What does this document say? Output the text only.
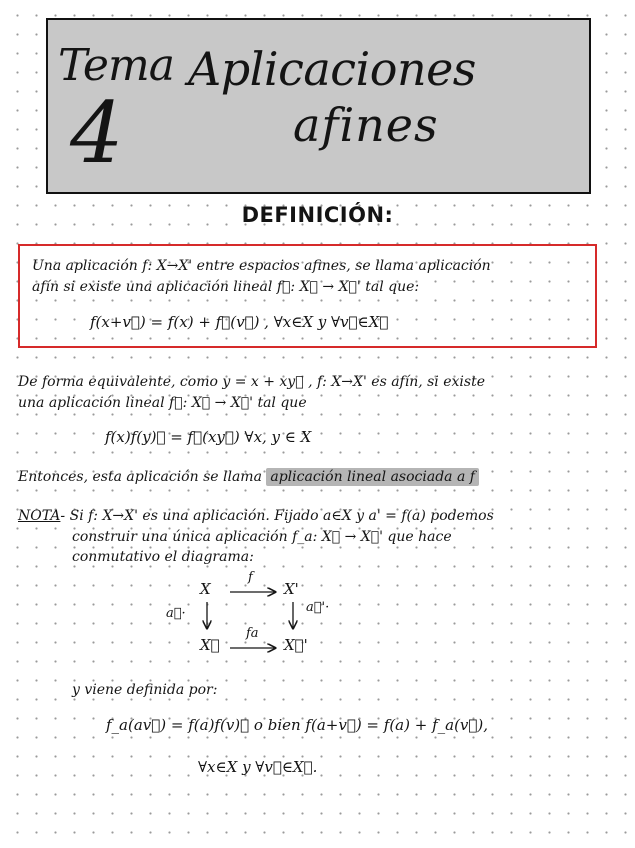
Tema
4
Aplicaciones
afines
DEFINICIÓN:
Una aplicación f: X→X' entre espacios afines, se llama aplicación
afín si existe una aplicación lineal f⃗: X⃗ → X⃗' tal que:
f(x+v⃗) = f(x) + f⃗(v⃗) , ∀x∈X y ∀v⃗∈X⃗
De forma equivalente, como y = x + xy⃗ , f: X→X' es afín, si existe
una aplicación lineal f⃗: X⃗ → X⃗' tal que
f(x)f(y)⃗ = f⃗(xy⃗) ∀x, y ∈ X
Entonces, esta aplicación se llama aplicación lineal asociada a f
NOTA- Si f: X→X' es una aplicación. Fijado a∈X y a' = f(a) podemos
construir una única aplicación f_a: X⃗ → X⃗' que hace
conmutativo el diagrama:
X	X'
X⃗	X⃗'
f
fa
a⃗·	a⃗'·
y viene definida por:
f_a(av⃗) = f(a)f(v)⃗ o bien f(a+v⃗) = f(a) + f_a(v⃗),
∀x∈X y ∀v⃗∈X⃗.
